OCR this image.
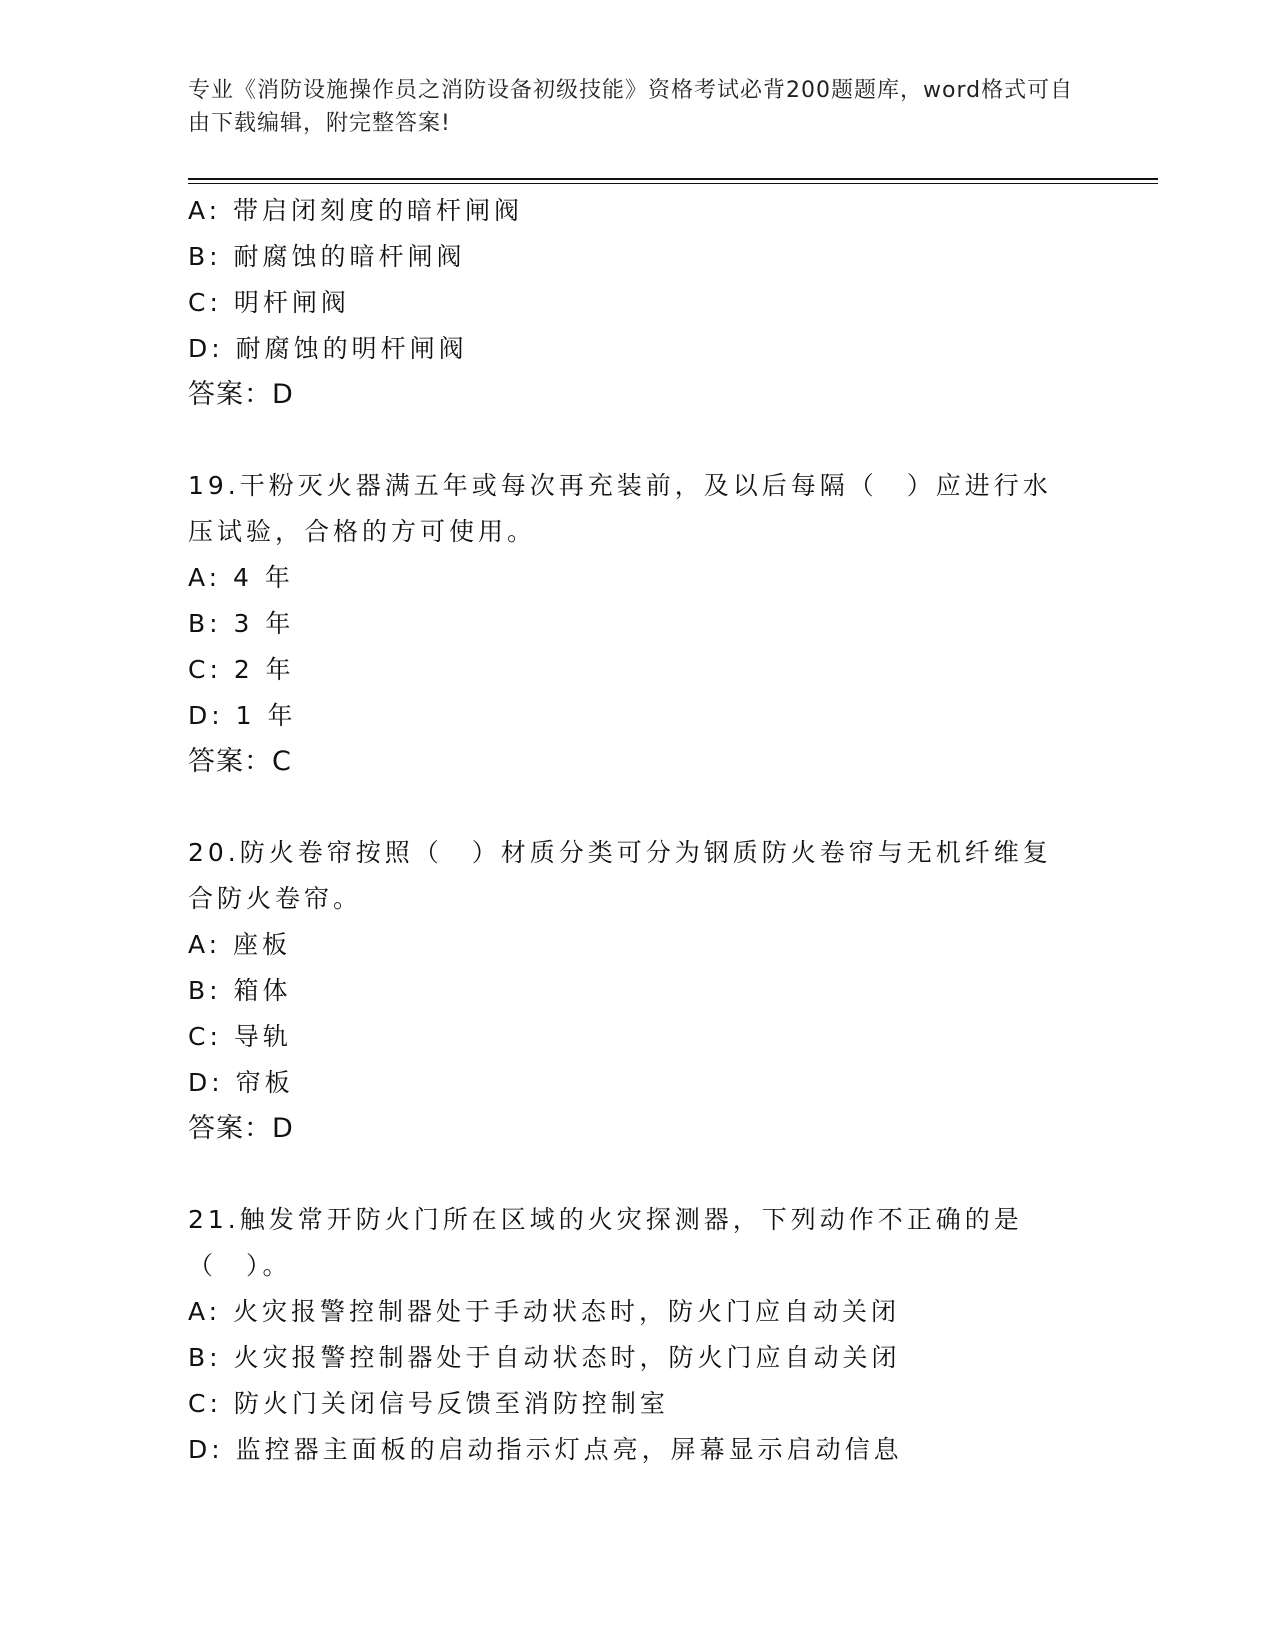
专业《消防设施操作员之消防设备初级技能》资格考试必背200题题库，word格式可自由下载编辑，附完整答案!
A: 带启闭刻度的暗杆闸阀
B: 耐腐蚀的暗杆闸阀
C: 明杆闸阀
D: 耐腐蚀的明杆闸阀
答案：D
19.干粉灭火器满五年或每次再充装前，及以后每隔（　）应进行水压试验，合格的方可使用。
A: 4 年
B: 3 年
C: 2 年
D: 1 年
答案：C
20.防火卷帘按照（　）材质分类可分为钢质防火卷帘与无机纤维复合防火卷帘。
A: 座板
B: 箱体
C: 导轨
D: 帘板
答案：D
21.触发常开防火门所在区域的火灾探测器，下列动作不正确的是（　）。
A: 火灾报警控制器处于手动状态时，防火门应自动关闭
B: 火灾报警控制器处于自动状态时，防火门应自动关闭
C: 防火门关闭信号反馈至消防控制室
D: 监控器主面板的启动指示灯点亮，屏幕显示启动信息
